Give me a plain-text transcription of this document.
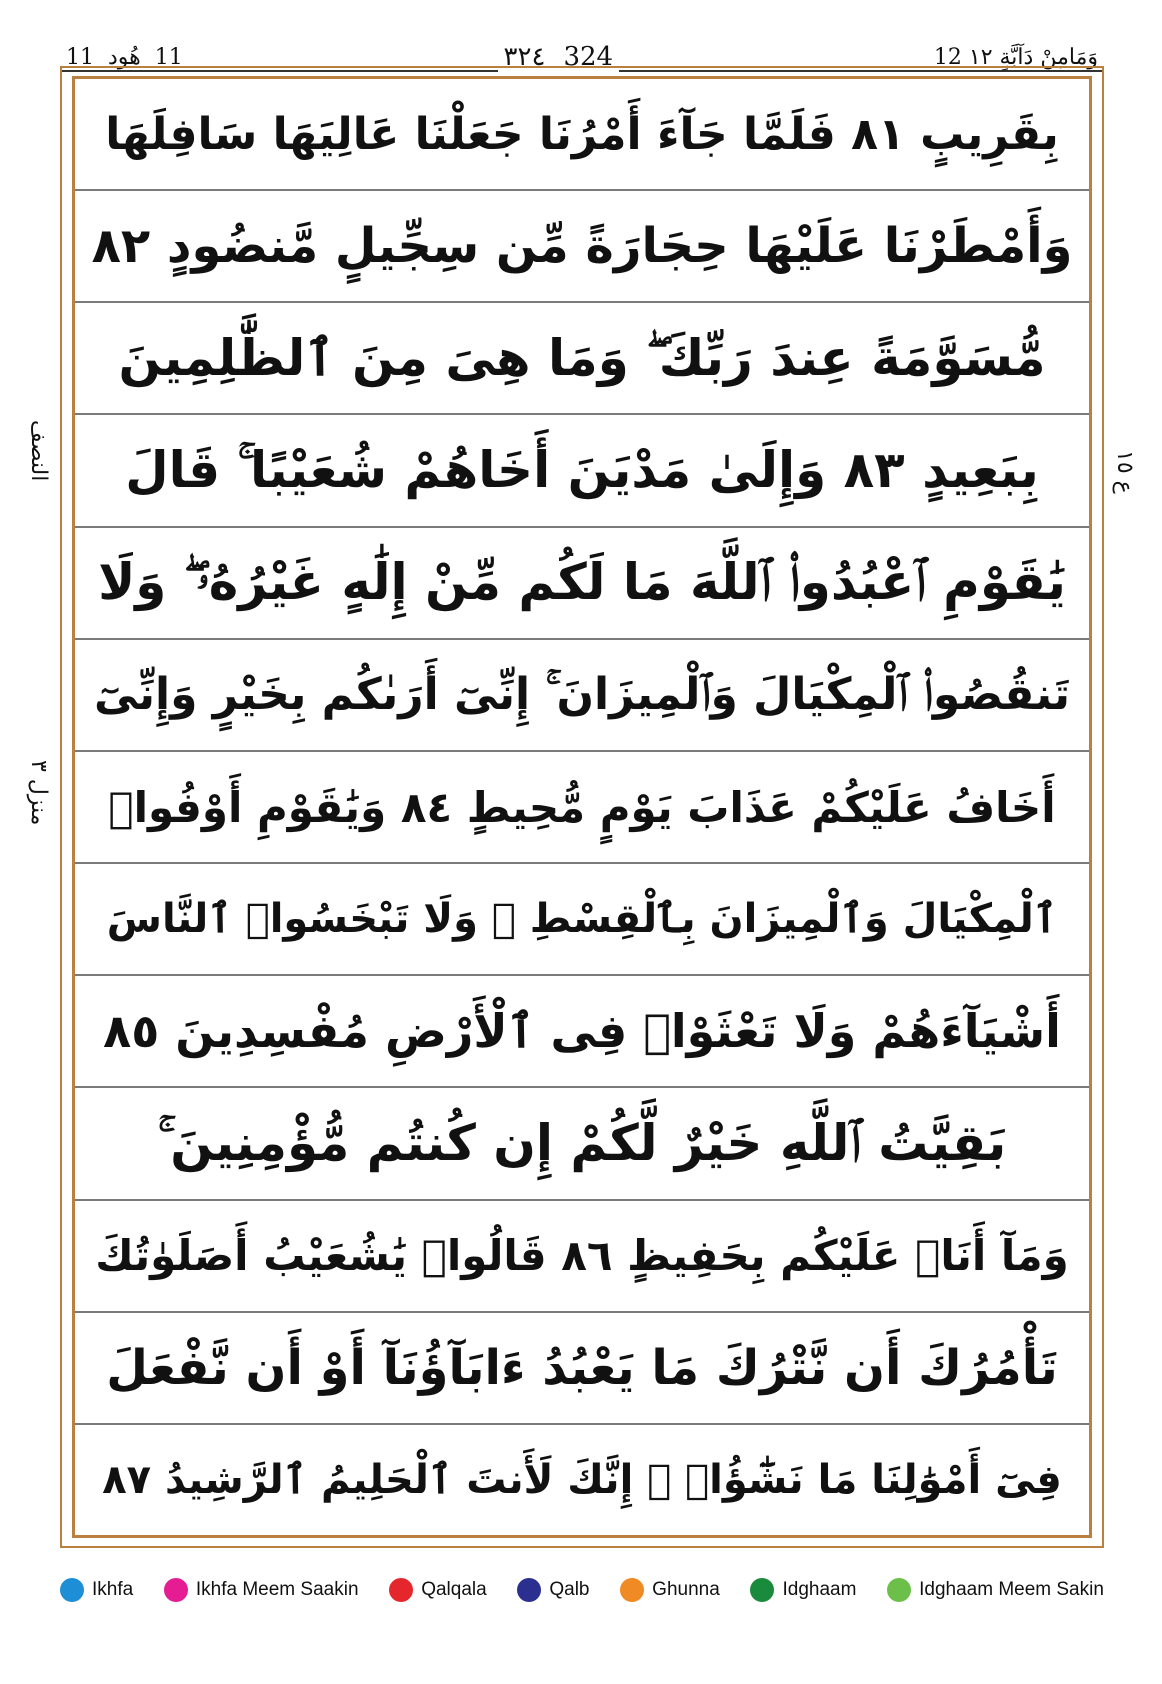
11 هُود 11	٣٢٤ 324	12 وَمَامِنْ دَآبَّةٍ ١٢
بِقَرِيبٍ ٨١ فَلَمَّا جَآءَ أَمْرُنَا جَعَلْنَا عَالِيَهَا سَافِلَهَا
وَأَمْطَرْنَا عَلَيْهَا حِجَارَةً مِّن سِجِّيلٍ مَّنضُودٍ ٨٢
مُّسَوَّمَةً عِندَ رَبِّكَ ۖ وَمَا هِىَ مِنَ ٱلظَّٰلِمِينَ
بِبَعِيدٍ ٨٣ وَإِلَىٰ مَدْيَنَ أَخَاهُمْ شُعَيْبًا ۚ قَالَ
يَٰقَوْمِ ٱعْبُدُوا۟ ٱللَّهَ مَا لَكُم مِّنْ إِلَٰهٍ غَيْرُهُۥ ۖ وَلَا
تَنقُصُوا۟ ٱلْمِكْيَالَ وَٱلْمِيزَانَ ۚ إِنِّىٓ أَرَىٰكُم بِخَيْرٍ وَإِنِّىٓ
أَخَافُ عَلَيْكُمْ عَذَابَ يَوْمٍ مُّحِيطٍ ٨٤ وَيَٰقَوْمِ أَوْفُوا۟
ٱلْمِكْيَالَ وَٱلْمِيزَانَ بِٱلْقِسْطِ ۖ وَلَا تَبْخَسُوا۟ ٱلنَّاسَ
أَشْيَآءَهُمْ وَلَا تَعْثَوْا۟ فِى ٱلْأَرْضِ مُفْسِدِينَ ٨٥
بَقِيَّتُ ٱللَّهِ خَيْرٌ لَّكُمْ إِن كُنتُم مُّؤْمِنِينَ ۚ
وَمَآ أَنَا۠ عَلَيْكُم بِحَفِيظٍ ٨٦ قَالُوا۟ يَٰشُعَيْبُ أَصَلَوٰتُكَ
تَأْمُرُكَ أَن نَّتْرُكَ مَا يَعْبُدُ ءَابَآؤُنَآ أَوْ أَن نَّفْعَلَ
فِىٓ أَمْوَٰلِنَا مَا نَشَٰٓؤُا۟ ۖ إِنَّكَ لَأَنتَ ٱلْحَلِيمُ ٱلرَّشِيدُ ٨٧
النصف
منزل ٣
ع ١٥
Ikhfa	Ikhfa Meem Saakin	Qalqala	Qalb	Ghunna	Idghaam	Idghaam Meem Sakin
